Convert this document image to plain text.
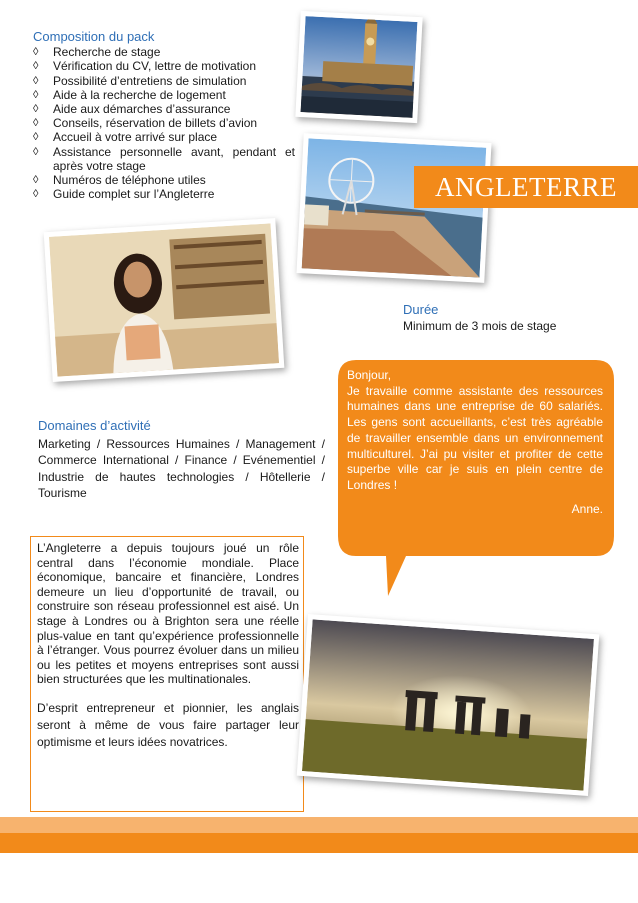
Composition du pack
◊ Recherche de stage
◊ Vérification du CV, lettre de motivation
◊ Possibilité d’entretiens de simulation
◊ Aide à la recherche de logement
◊ Aide aux démarches d’assurance
◊ Conseils, réservation de billets d’avion
◊ Accueil à votre arrivé sur place
◊ Assistance personnelle avant, pendant et après votre stage
◊ Numéros de téléphone utiles
◊ Guide complet sur l’Angleterre	ANGLETERRE
Durée
Minimum de 3 mois de stage

Bonjour,

Je travaille comme assistante des ressources humaines dans une entreprise de 60 salariés. Les gens sont accueillants, c’est très agréable de travailler ensemble dans un environnement multiculturel. J’ai pu visiter et profiter de cette superbe ville car je suis en plein centre de Londres !

Anne.

Domaines d’activité

Marketing / Ressources Humaines / Management / Commerce International / Finance / Evénementiel / Industrie de hautes technologies / Hôtellerie / Tourisme

L’Angleterre a depuis toujours joué un rôle central dans l’économie mondiale. Place économique, bancaire et financière, Londres demeure un lieu d’opportunité de travail, ou construire son réseau professionnel est aisé. Un stage à Londres ou à Brighton sera une réelle plus-value en tant qu’expérience professionnelle à l’étranger. Vous pourrez évoluer dans un milieu ou les petites et moyens entreprises sont aussi bien structurées que les multinationales.

D’esprit entrepreneur et pionnier, les anglais seront à même de vous faire partager leur optimisme et leurs idées novatrices.
